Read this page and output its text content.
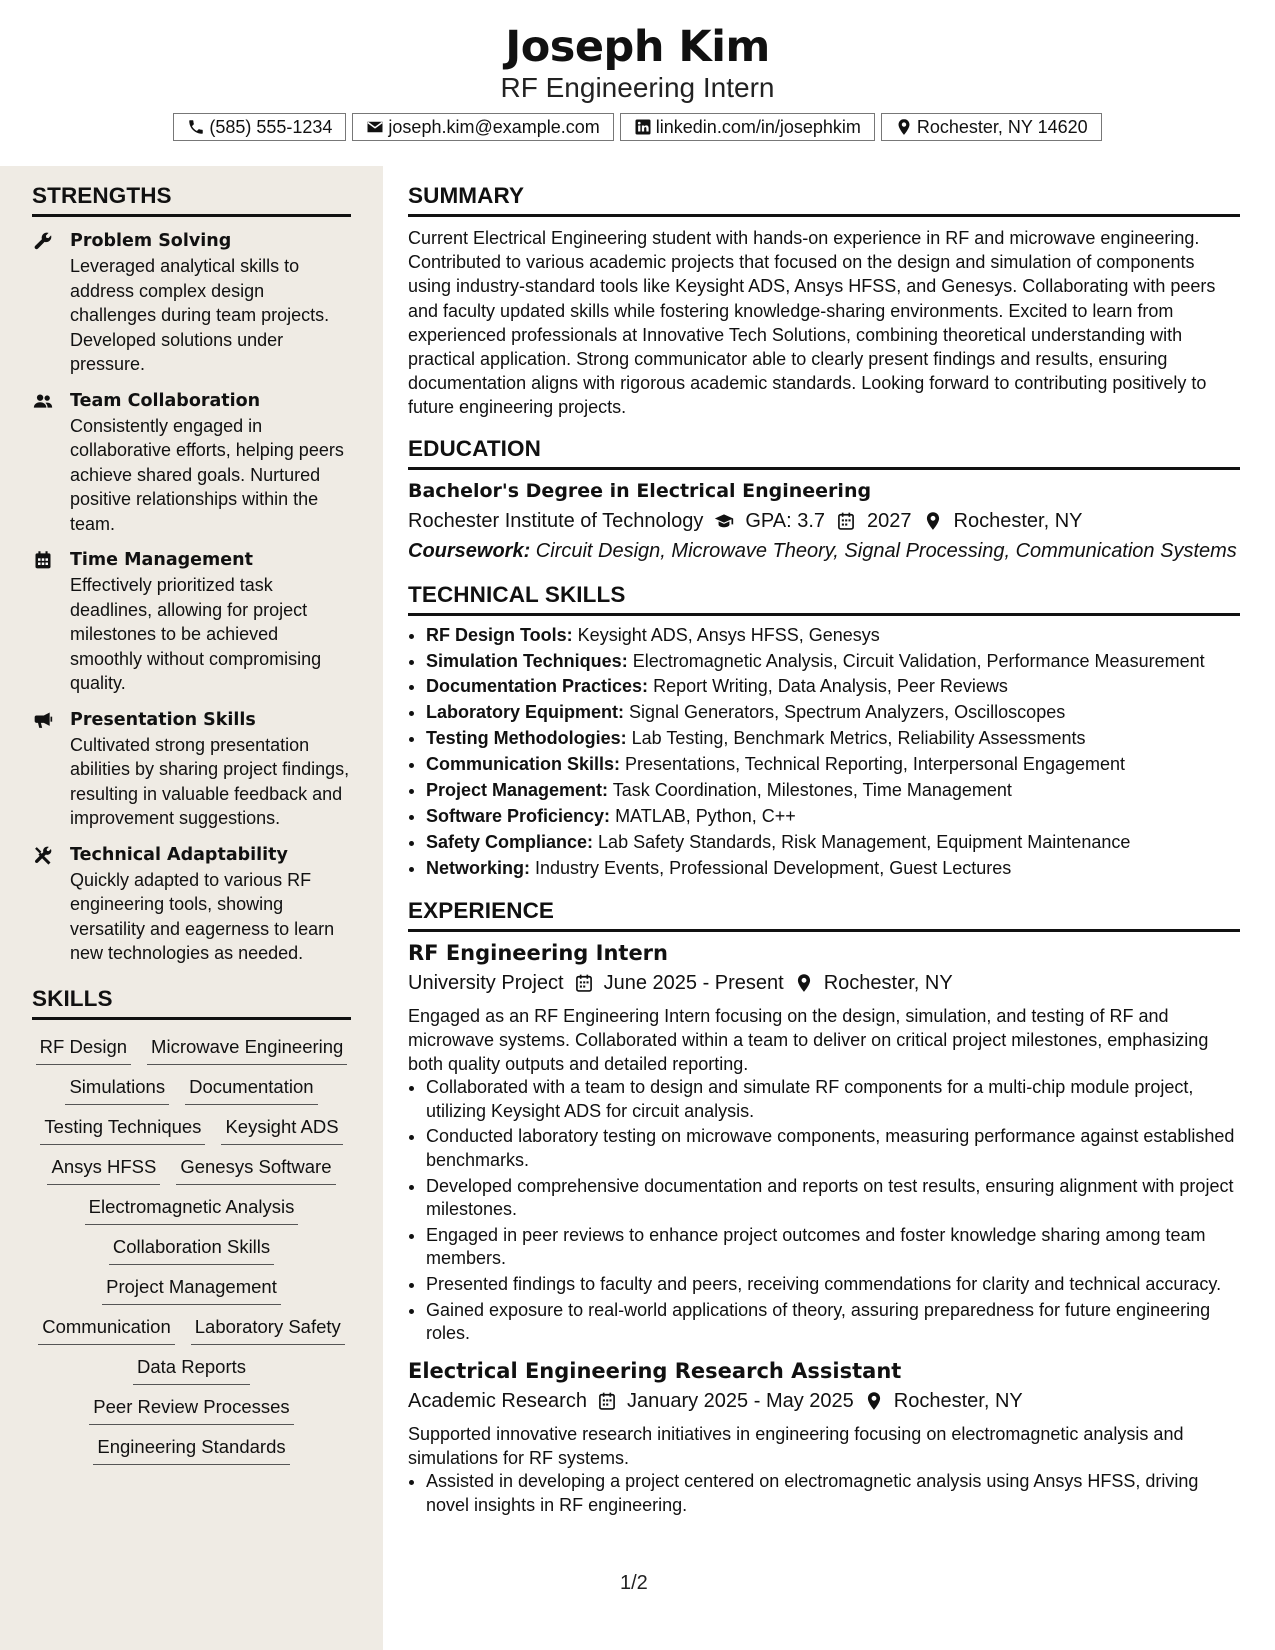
Joseph Kim
RF Engineering Intern
(585) 555-1234	joseph.kim@example.com	linkedin.com/in/josephkim	Rochester, NY 14620
STRENGTHS
Problem Solving
Leveraged analytical skills to address complex design challenges during team projects. Developed solutions under pressure.
Team Collaboration
Consistently engaged in collaborative efforts, helping peers achieve shared goals. Nurtured positive relationships within the team.
Time Management
Effectively prioritized task deadlines, allowing for project milestones to be achieved smoothly without compromising quality.
Presentation Skills
Cultivated strong presentation abilities by sharing project findings, resulting in valuable feedback and improvement suggestions.
Technical Adaptability
Quickly adapted to various RF engineering tools, showing versatility and eagerness to learn new technologies as needed.
SKILLS
RF Design Microwave Engineering
Simulations Documentation
Testing Techniques Keysight ADS
Ansys HFSS Genesys Software
Electromagnetic Analysis
Collaboration Skills
Project Management
Communication Laboratory Safety
Data Reports
Peer Review Processes
Engineering Standards
SUMMARY
Current Electrical Engineering student with hands-on experience in RF and microwave engineering. Contributed to various academic projects that focused on the design and simulation of components using industry-standard tools like Keysight ADS, Ansys HFSS, and Genesys. Collaborating with peers and faculty updated skills while fostering knowledge-sharing environments. Excited to learn from experienced professionals at Innovative Tech Solutions, combining theoretical understanding with practical application. Strong communicator able to clearly present findings and results, ensuring documentation aligns with rigorous academic standards. Looking forward to contributing positively to future engineering projects.
EDUCATION
Bachelor's Degree in Electrical Engineering
Rochester Institute of Technology GPA: 3.7 2027 Rochester, NY
Coursework: Circuit Design, Microwave Theory, Signal Processing, Communication Systems
TECHNICAL SKILLS
• RF Design Tools: Keysight ADS, Ansys HFSS, Genesys
• Simulation Techniques: Electromagnetic Analysis, Circuit Validation, Performance Measurement
• Documentation Practices: Report Writing, Data Analysis, Peer Reviews
• Laboratory Equipment: Signal Generators, Spectrum Analyzers, Oscilloscopes
• Testing Methodologies: Lab Testing, Benchmark Metrics, Reliability Assessments
• Communication Skills: Presentations, Technical Reporting, Interpersonal Engagement
• Project Management: Task Coordination, Milestones, Time Management
• Software Proficiency: MATLAB, Python, C++
• Safety Compliance: Lab Safety Standards, Risk Management, Equipment Maintenance
• Networking: Industry Events, Professional Development, Guest Lectures
EXPERIENCE
RF Engineering Intern
University Project June 2025 - Present Rochester, NY
Engaged as an RF Engineering Intern focusing on the design, simulation, and testing of RF and microwave systems. Collaborated within a team to deliver on critical project milestones, emphasizing both quality outputs and detailed reporting.
• Collaborated with a team to design and simulate RF components for a multi-chip module project, utilizing Keysight ADS for circuit analysis.
• Conducted laboratory testing on microwave components, measuring performance against established benchmarks.
• Developed comprehensive documentation and reports on test results, ensuring alignment with project milestones.
• Engaged in peer reviews to enhance project outcomes and foster knowledge sharing among team members.
• Presented findings to faculty and peers, receiving commendations for clarity and technical accuracy.
• Gained exposure to real-world applications of theory, assuring preparedness for future engineering roles.
Electrical Engineering Research Assistant
Academic Research January 2025 - May 2025 Rochester, NY
Supported innovative research initiatives in engineering focusing on electromagnetic analysis and simulations for RF systems.
• Assisted in developing a project centered on electromagnetic analysis using Ansys HFSS, driving novel insights in RF engineering.
1/2
